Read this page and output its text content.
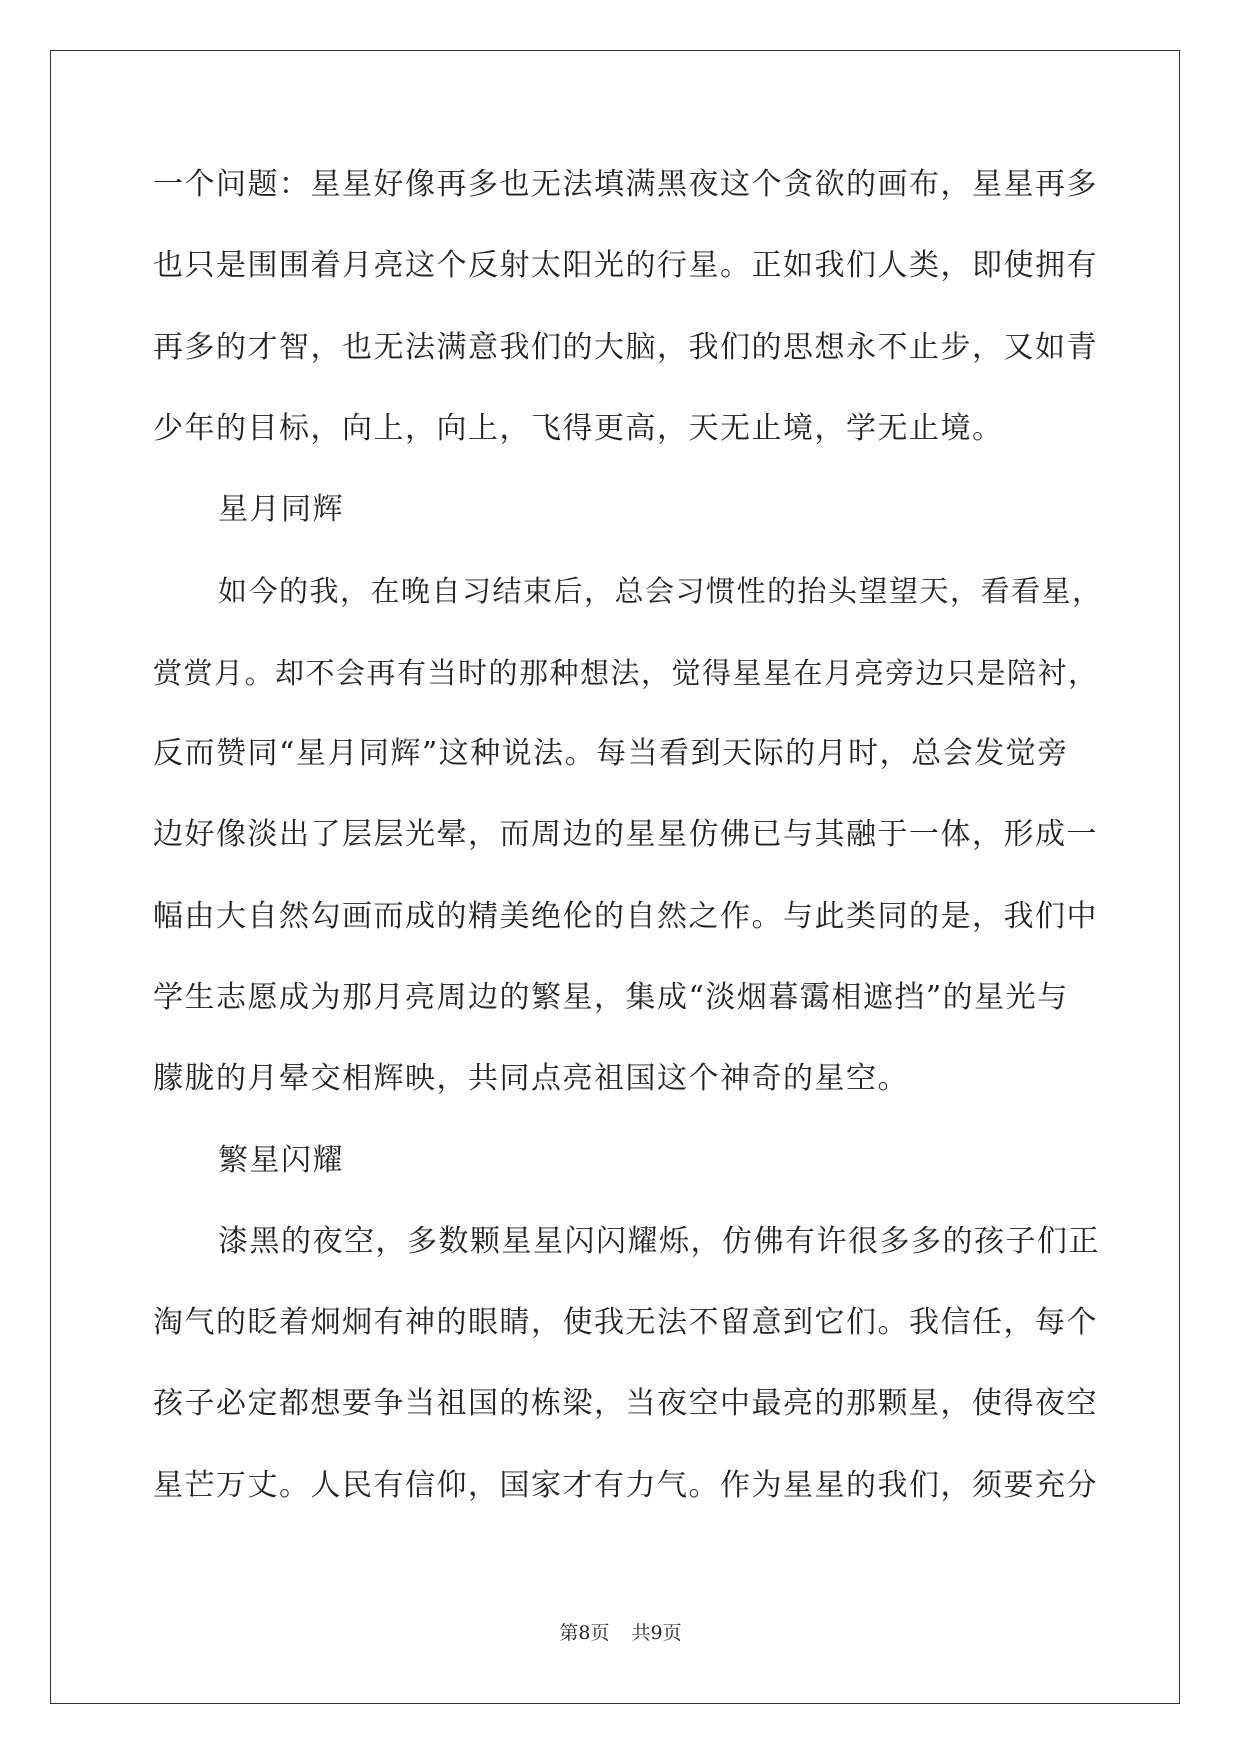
一个问题：星星好像再多也无法填满黑夜这个贪欲的画布，星星再多
也只是围围着月亮这个反射太阳光的行星。正如我们人类，即使拥有
再多的才智，也无法满意我们的大脑，我们的思想永不止步，又如青
少年的目标，向上，向上，飞得更高，天无止境，学无止境。
星月同辉
如今的我，在晚自习结束后，总会习惯性的抬头望望天，看看星，
赏赏月。却不会再有当时的那种想法，觉得星星在月亮旁边只是陪衬，
反而赞同“星月同辉”这种说法。每当看到天际的月时，总会发觉旁
边好像淡出了层层光晕，而周边的星星仿佛已与其融于一体，形成一
幅由大自然勾画而成的精美绝伦的自然之作。与此类同的是，我们中
学生志愿成为那月亮周边的繁星，集成“淡烟暮霭相遮挡”的星光与
朦胧的月晕交相辉映，共同点亮祖国这个神奇的星空。
繁星闪耀
漆黑的夜空，多数颗星星闪闪耀烁，仿佛有许很多多的孩子们正
淘气的眨着炯炯有神的眼睛，使我无法不留意到它们。我信任，每个
孩子必定都想要争当祖国的栋梁，当夜空中最亮的那颗星，使得夜空
星芒万丈。人民有信仰，国家才有力气。作为星星的我们，须要充分
第8页 共9页
